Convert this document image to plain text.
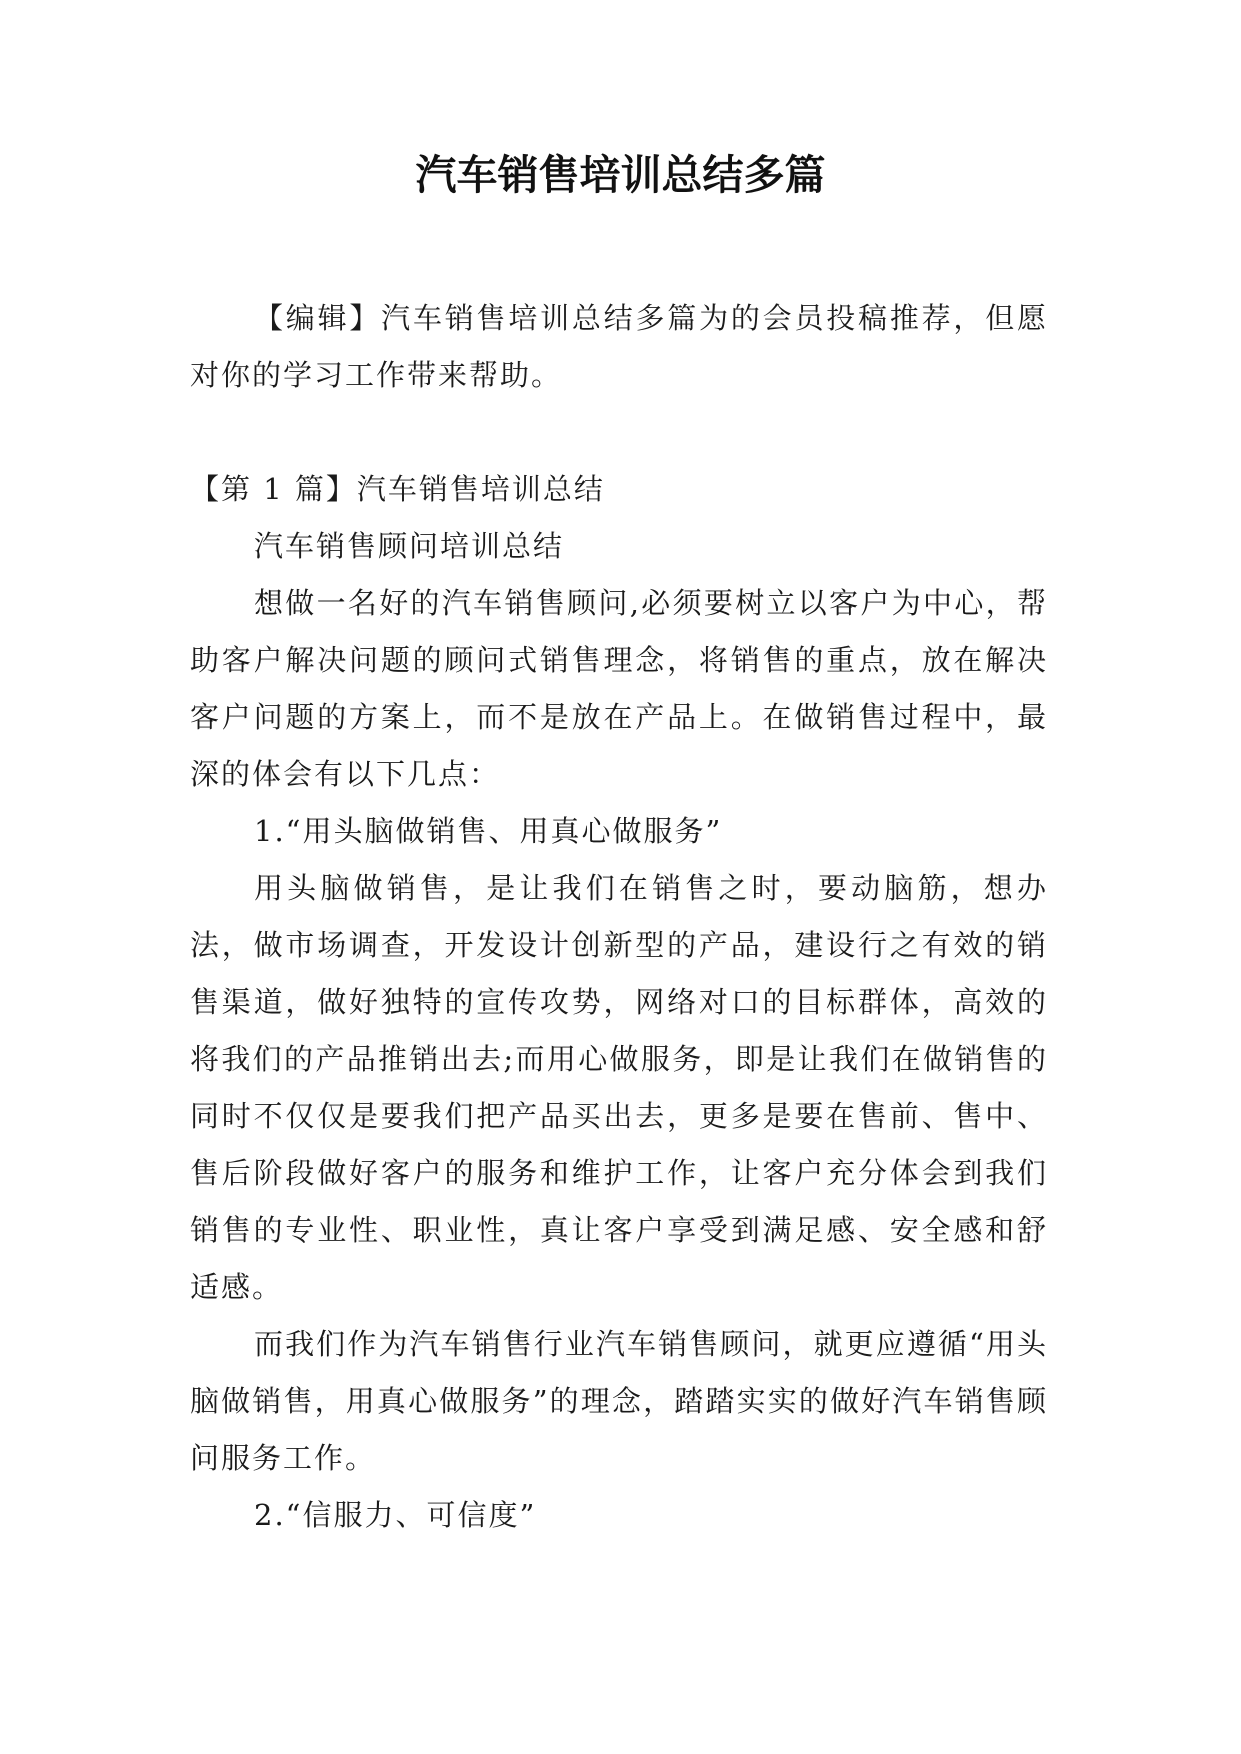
汽车销售培训总结多篇

【编辑】汽车销售培训总结多篇为的会员投稿推荐，但愿对你的学习工作带来帮助。

【第 1 篇】汽车销售培训总结

汽车销售顾问培训总结

想做一名好的汽车销售顾问,必须要树立以客户为中心，帮助客户解决问题的顾问式销售理念，将销售的重点，放在解决客户问题的方案上，而不是放在产品上。在做销售过程中，最深的体会有以下几点：

1.“用头脑做销售、用真心做服务”

用头脑做销售，是让我们在销售之时，要动脑筋，想办法，做市场调查，开发设计创新型的产品，建设行之有效的销售渠道，做好独特的宣传攻势，网络对口的目标群体，高效的将我们的产品推销出去;而用心做服务，即是让我们在做销售的同时不仅仅是要我们把产品买出去，更多是要在售前、售中、售后阶段做好客户的服务和维护工作，让客户充分体会到我们销售的专业性、职业性，真让客户享受到满足感、安全感和舒适感。

而我们作为汽车销售行业汽车销售顾问，就更应遵循“用头脑做销售，用真心做服务”的理念，踏踏实实的做好汽车销售顾问服务工作。

2.“信服力、可信度”
